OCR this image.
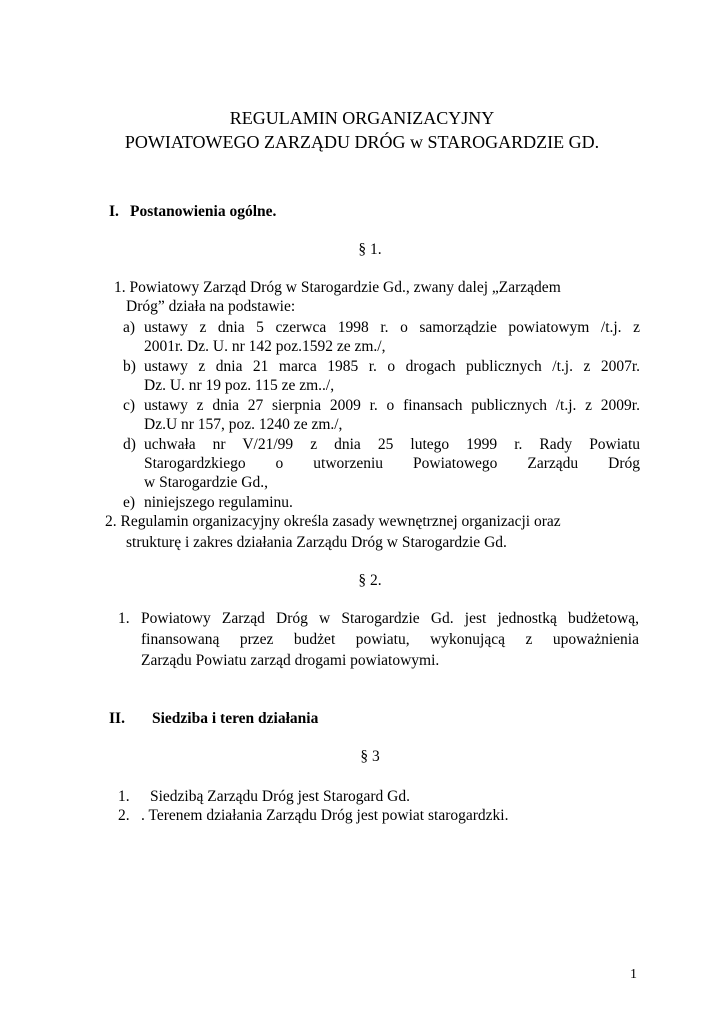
REGULAMIN ORGANIZACYJNY
POWIATOWEGO ZARZĄDU DRÓG w STAROGARDZIE GD.
I. Postanowienia ogólne.
§ 1.
1. Powiatowy Zarząd Dróg w Starogardzie Gd., zwany dalej „Zarządem
Dróg” działa na podstawie:
a) ustawy z dnia 5 czerwca 1998 r. o samorządzie powiatowym /t.j. z
2001r. Dz. U. nr 142 poz.1592 ze zm./,
b) ustawy z dnia 21 marca 1985 r. o drogach publicznych /t.j. z 2007r.
Dz. U. nr 19 poz. 115 ze zm../,
c) ustawy z dnia 27 sierpnia 2009 r. o finansach publicznych /t.j. z 2009r.
Dz.U nr 157, poz. 1240 ze zm./,
d) uchwała nr V/21/99 z dnia 25 lutego 1999 r. Rady Powiatu
Starogardzkiego o utworzeniu Powiatowego Zarządu Dróg
w Starogardzie Gd.,
e) niniejszego regulaminu.
2. Regulamin organizacyjny określa zasady wewnętrznej organizacji oraz
strukturę i zakres działania Zarządu Dróg w Starogardzie Gd.
§ 2.
1. Powiatowy Zarząd Dróg w Starogardzie Gd. jest jednostką budżetową,
finansowaną przez budżet powiatu, wykonującą z upoważnienia
Zarządu Powiatu zarząd drogami powiatowymi.
II. Siedziba i teren działania
§ 3
1. Siedzibą Zarządu Dróg jest Starogard Gd.
2. . Terenem działania Zarządu Dróg jest powiat starogardzki.
1
